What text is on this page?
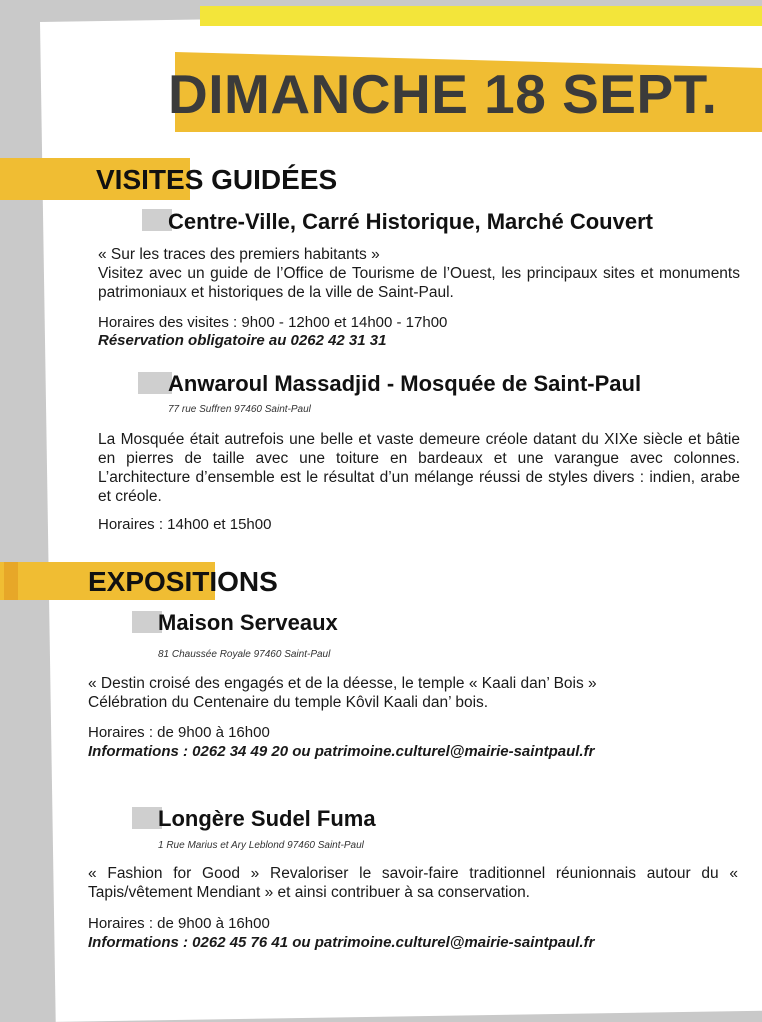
DIMANCHE 18 SEPT.
VISITES GUIDÉES
Centre-Ville, Carré Historique, Marché Couvert

« Sur les traces des premiers habitants »

Visitez avec un guide de l’Office de Tourisme de l’Ouest, les principaux sites et monuments patrimoniaux et historiques de la ville de Saint-Paul.

Horaires des visites : 9h00 - 12h00 et 14h00 - 17h00

Réservation obligatoire au 0262 42 31 31

Anwaroul Massadjid - Mosquée de Saint-Paul

77 rue Suffren 97460 Saint-Paul

La Mosquée était autrefois une belle et vaste demeure créole datant du XIXe siècle et bâtie en pierres de taille avec une toiture en bardeaux et une varangue avec colonnes. L’architecture d’ensemble est le résultat d’un mélange réussi de styles divers : indien, arabe et créole.

Horaires : 14h00 et 15h00

EXPOSITIONS
Maison Serveaux

81 Chaussée Royale 97460 Saint-Paul

« Destin croisé des engagés et de la déesse, le temple « Kaali dan’ Bois »

Célébration du Centenaire du temple Kôvil Kaali dan’ bois.

Horaires : de 9h00 à 16h00

Informations : 0262 34 49 20 ou patrimoine.culturel@mairie-saintpaul.fr

Longère Sudel Fuma

1 Rue Marius et Ary Leblond 97460 Saint-Paul

« Fashion for Good » Revaloriser le savoir-faire traditionnel réunionnais autour du « Tapis/vêtement Mendiant » et ainsi contribuer à sa conservation.

Horaires : de 9h00 à 16h00

Informations : 0262 45 76 41 ou patrimoine.culturel@mairie-saintpaul.fr
